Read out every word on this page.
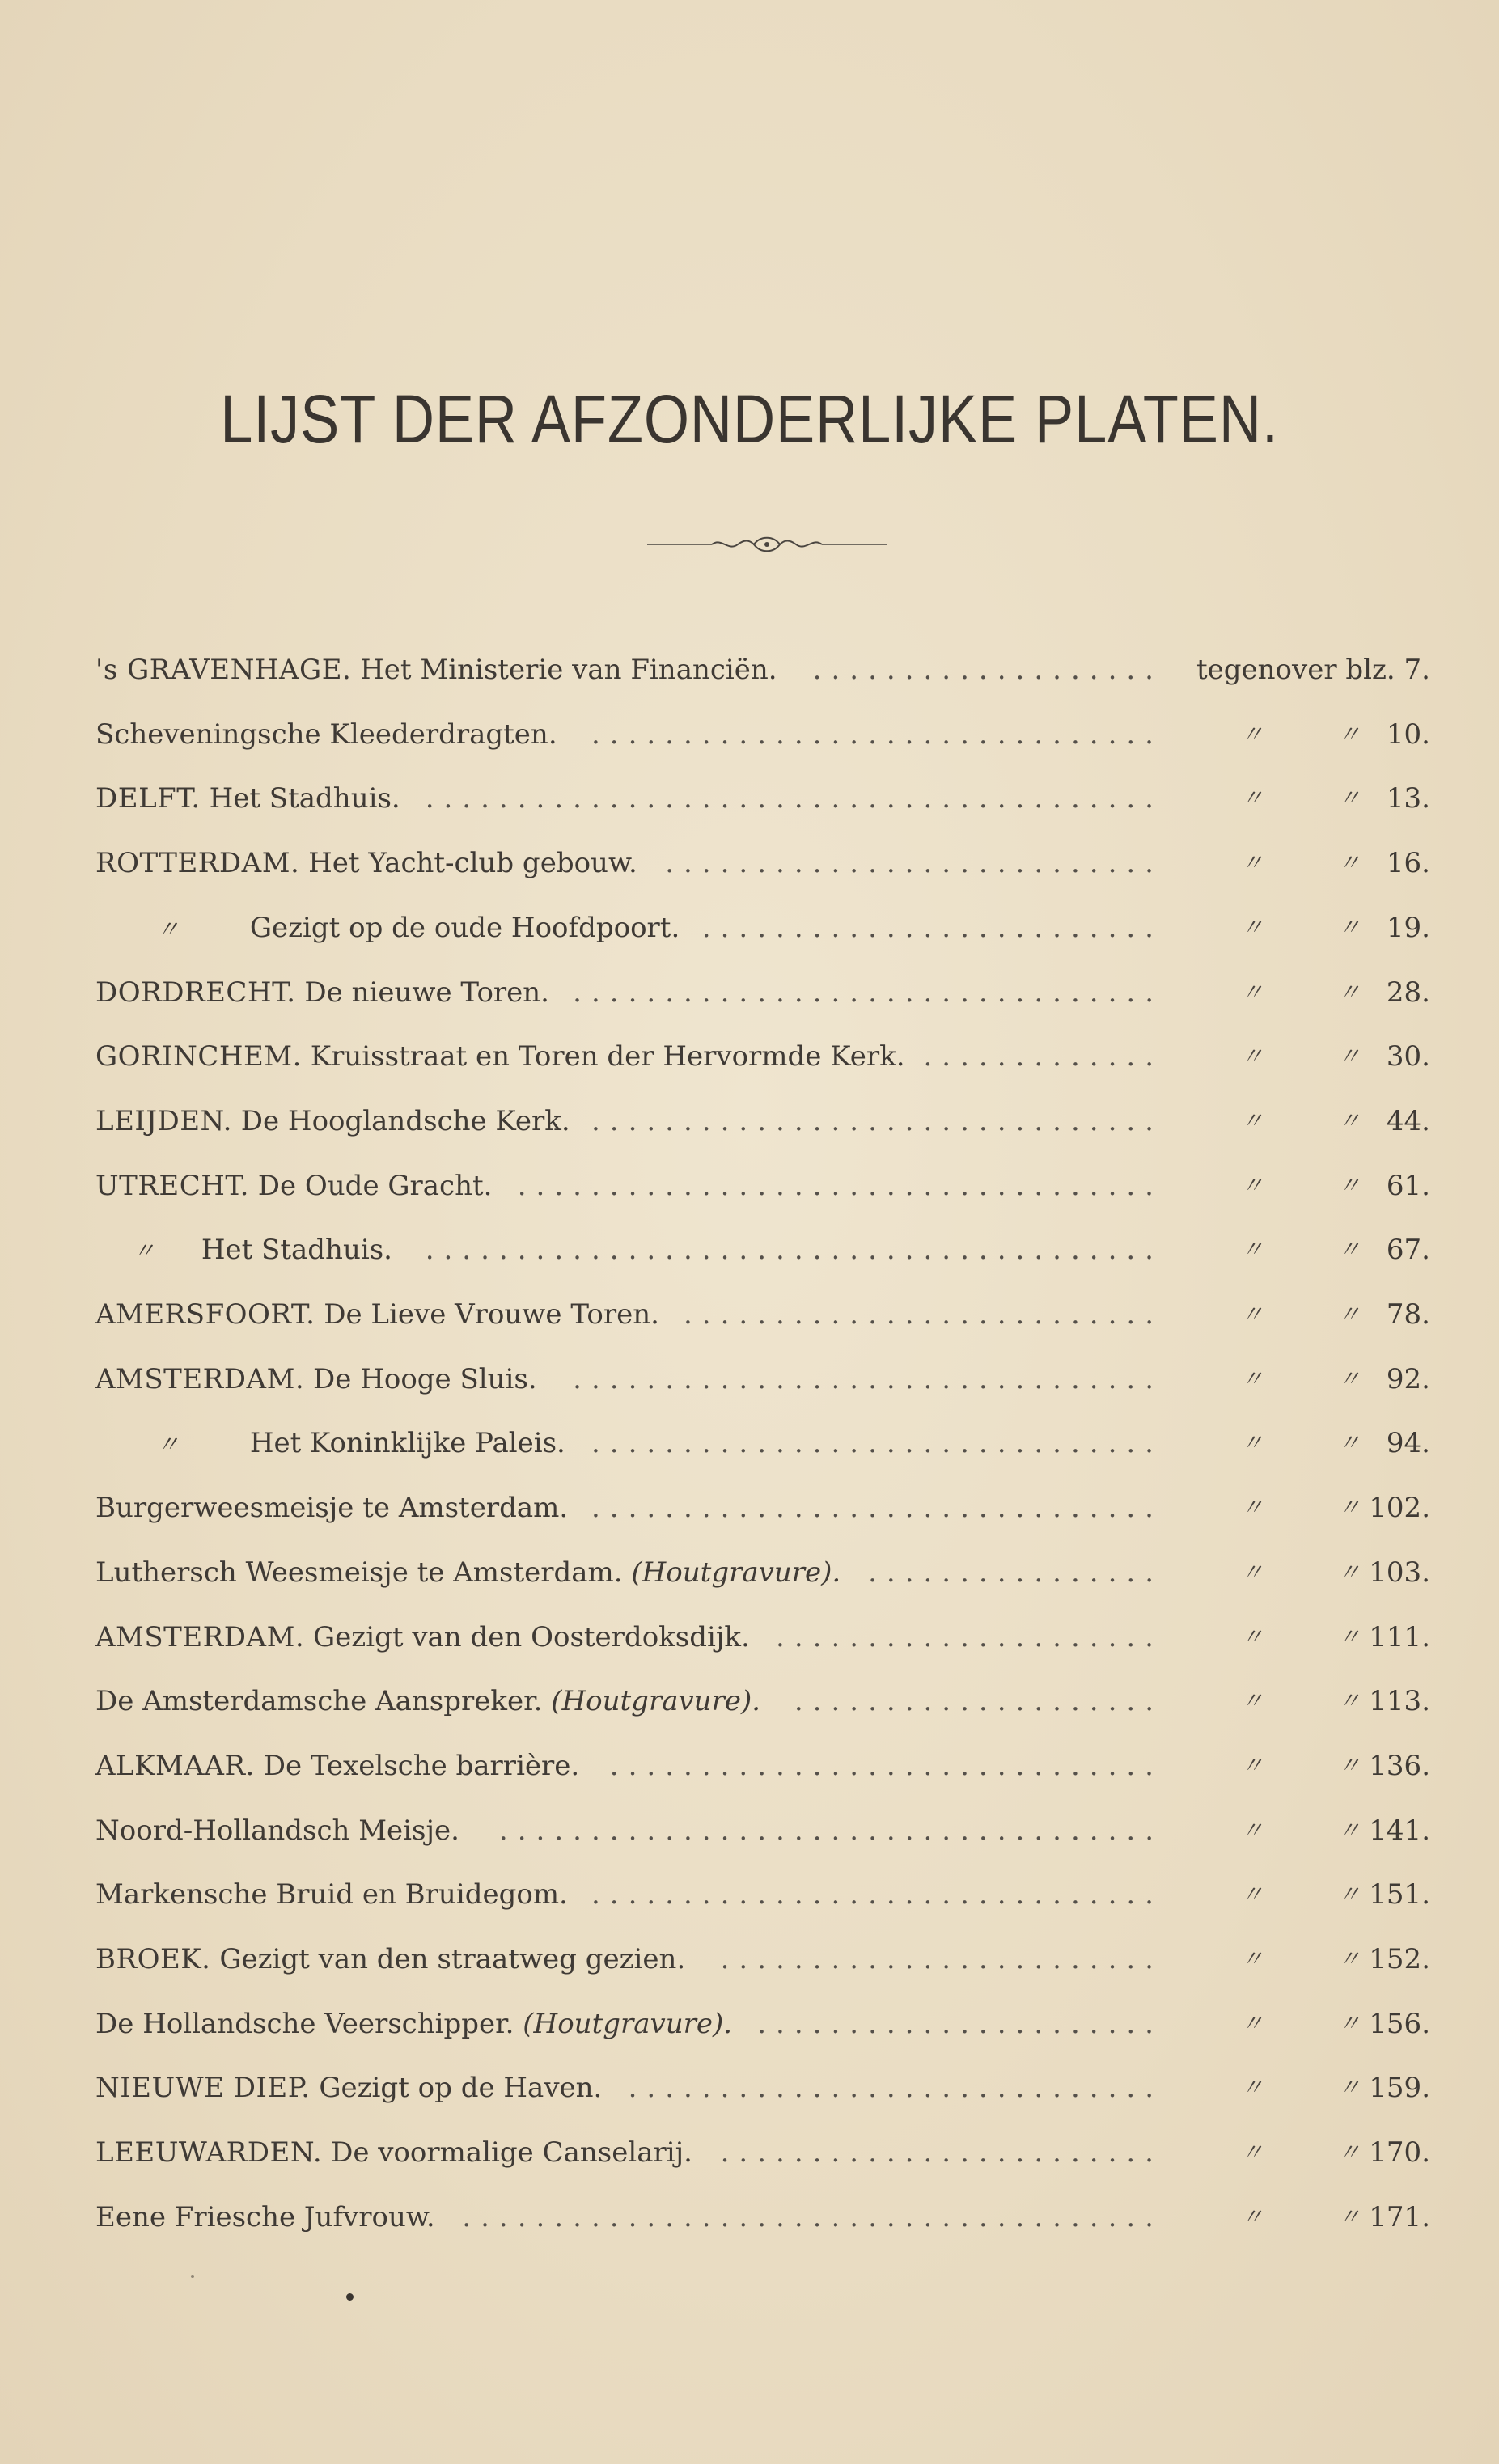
LIJST DER AFZONDERLIJKE PLATEN.
's GRAVENHAGE. Het Ministerie van Financiën. ................... tegenover blz. 7.
Scheveningsche Kleederdragten. ...............................	〃	〃 10.
DELFT. Het Stadhuis. ........................................	〃	〃 13.
ROTTERDAM. Het Yacht-club gebouw. ...........................	〃	〃 16.
〃	Gezigt op de oude Hoofdpoort. .........................	〃	〃 19.
DORDRECHT. De nieuwe Toren. ................................	〃	〃 28.
GORINCHEM. Kruisstraat en Toren der Hervormde Kerk. .............	〃	〃 30.
LEIJDEN. De Hooglandsche Kerk. ...............................	〃	〃 44.
UTRECHT. De Oude Gracht. ...................................	〃	〃 61.
〃 Het Stadhuis. ........................................	〃	〃 67.
AMERSFOORT. De Lieve Vrouwe Toren. ..........................	〃	〃 78.
AMSTERDAM. De Hooge Sluis. ................................	〃	〃 92.
〃	Het Koninklijke Paleis. ...............................	〃	〃 94.
Burgerweesmeisje te Amsterdam. ...............................	〃	〃 102.
Luthersch Weesmeisje te Amsterdam. (Houtgravure). ................	〃	〃 103.
AMSTERDAM. Gezigt van den Oosterdoksdijk. .....................	〃	〃 111.
De Amsterdamsche Aanspreker. (Houtgravure). ....................	〃	〃 113.
ALKMAAR. De Texelsche barrière. ..............................	〃	〃 136.
Noord-Hollandsch Meisje. ....................................	〃	〃 141.
Markensche Bruid en Bruidegom. ...............................	〃	〃 151.
BROEK. Gezigt van den straatweg gezien. ........................	〃	〃 152.
De Hollandsche Veerschipper. (Houtgravure). ......................	〃	〃 156.
NIEUWE DIEP. Gezigt op de Haven. .............................	〃	〃 159.
LEEUWARDEN. De voormalige Canselarij. ........................	〃	〃 170.
Eene Friesche Jufvrouw. ......................................	〃	〃 171.
